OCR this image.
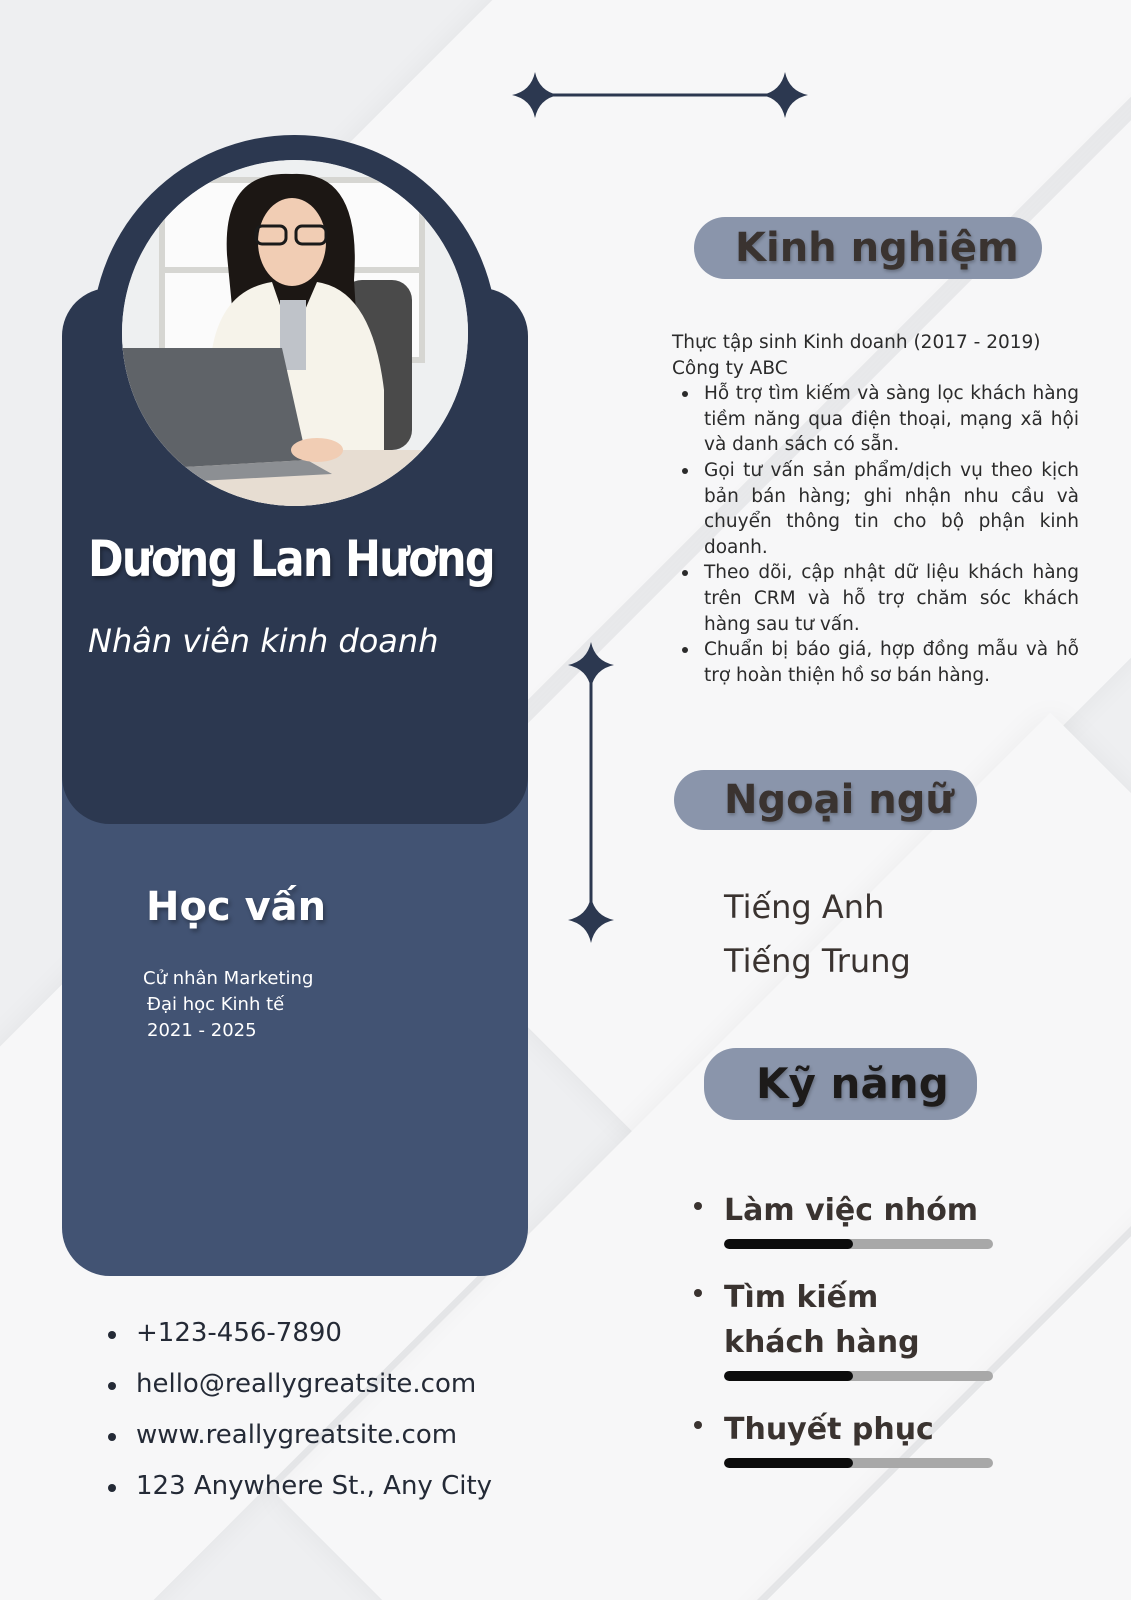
Dương Lan Hương
Nhân viên kinh doanh
Học vấn
Cử nhân Marketing
Đại học Kinh tế
2021 - 2025
+123-456-7890
hello@reallygreatsite.com
www.reallygreatsite.com
123 Anywhere St., Any City
Kinh nghiệm
Thực tập sinh Kinh doanh (2017 - 2019)
Công ty ABC
Hỗ trợ tìm kiếm và sàng lọc khách hàng tiềm năng qua điện thoại, mạng xã hội và danh sách có sẵn.
Gọi tư vấn sản phẩm/dịch vụ theo kịch bản bán hàng; ghi nhận nhu cầu và chuyển thông tin cho bộ phận kinh doanh.
Theo dõi, cập nhật dữ liệu khách hàng trên CRM và hỗ trợ chăm sóc khách hàng sau tư vấn.
Chuẩn bị báo giá, hợp đồng mẫu và hỗ trợ hoàn thiện hồ sơ bán hàng.
Ngoại ngữ
Tiếng Anh
Tiếng Trung
Kỹ năng
Làm việc nhóm
Tìm kiếm khách hàng
Thuyết phục
